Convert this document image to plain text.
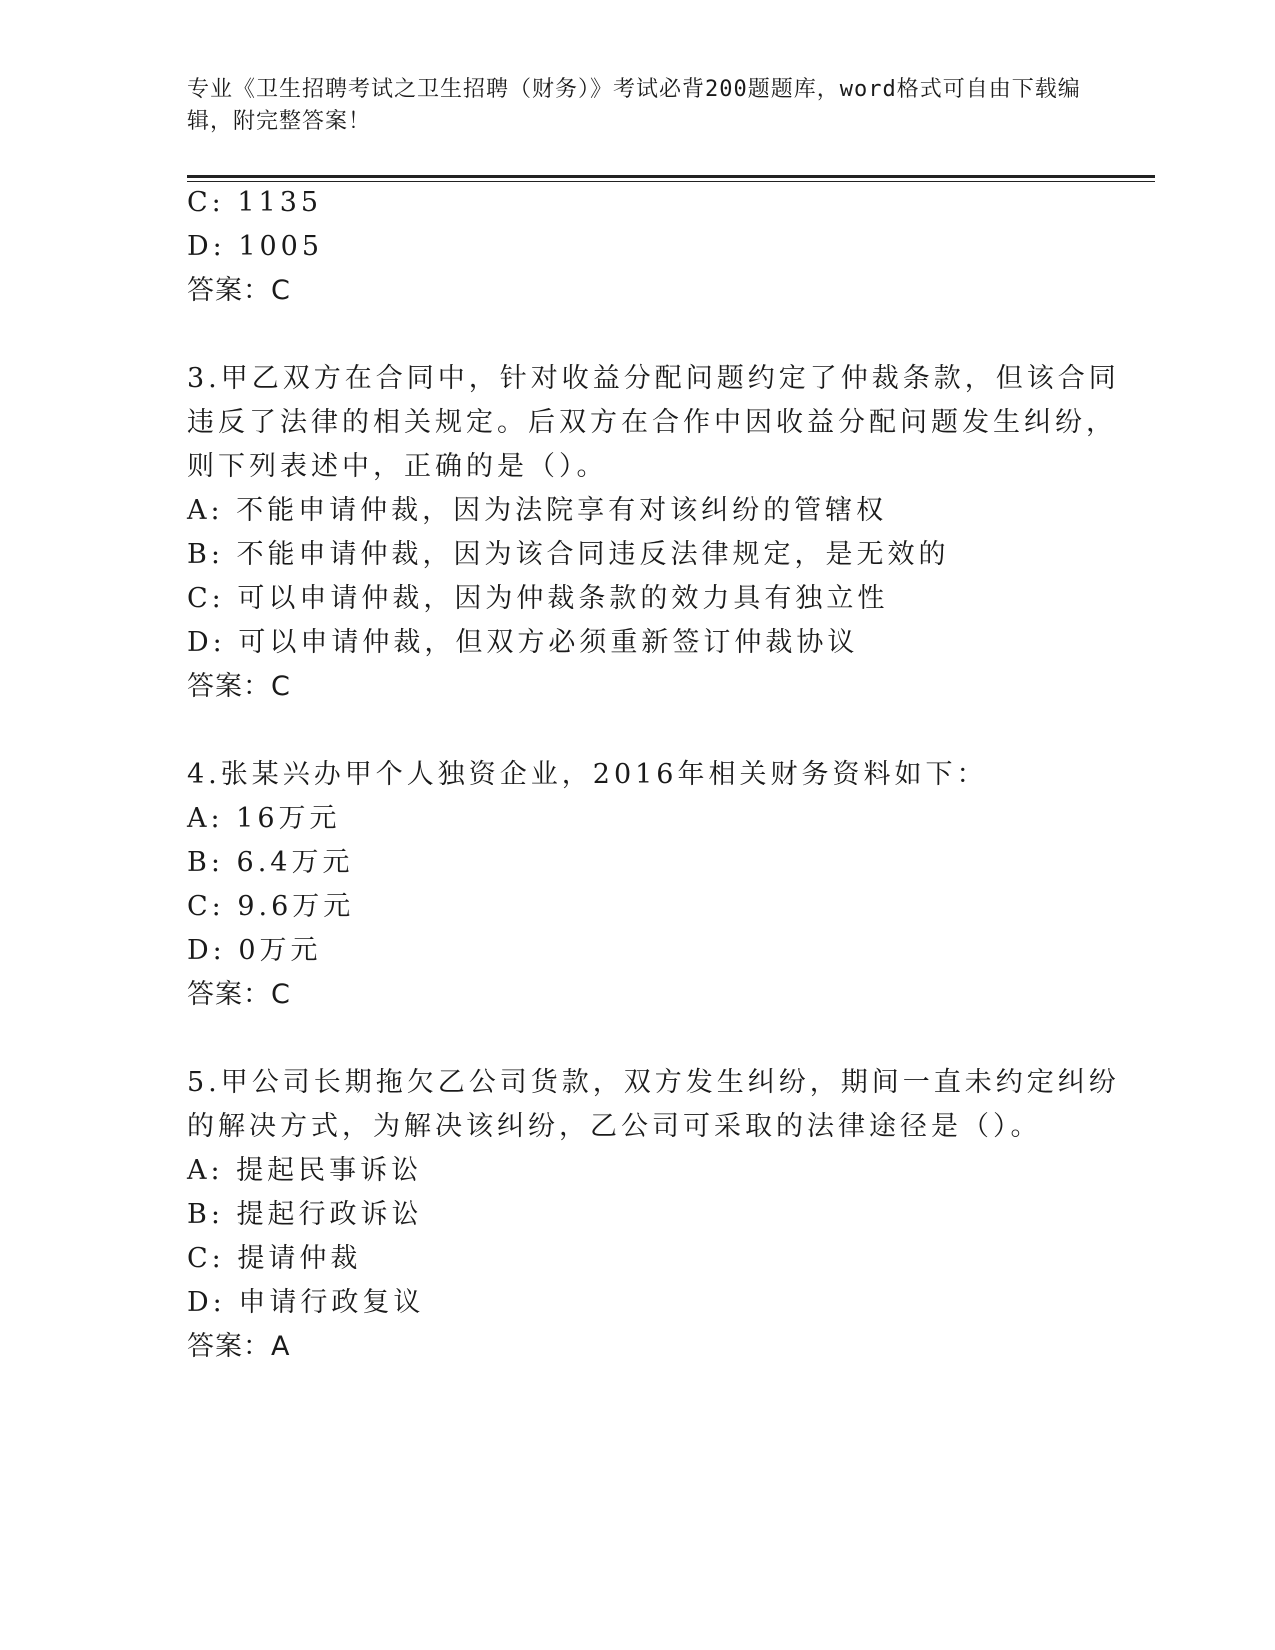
专业《卫生招聘考试之卫生招聘（财务）》考试必背200题题库，word格式可自由下载编辑，附完整答案！
C: 1135
D: 1005
答案：C
3.甲乙双方在合同中，针对收益分配问题约定了仲裁条款，但该合同
违反了法律的相关规定。后双方在合作中因收益分配问题发生纠纷，
则下列表述中，正确的是（）。
A: 不能申请仲裁，因为法院享有对该纠纷的管辖权
B: 不能申请仲裁，因为该合同违反法律规定，是无效的
C: 可以申请仲裁，因为仲裁条款的效力具有独立性
D: 可以申请仲裁，但双方必须重新签订仲裁协议
答案：C
4.张某兴办甲个人独资企业，2016年相关财务资料如下：
A: 16万元
B: 6.4万元
C: 9.6万元
D: 0万元
答案：C
5.甲公司长期拖欠乙公司货款，双方发生纠纷，期间一直未约定纠纷
的解决方式，为解决该纠纷，乙公司可采取的法律途径是（）。
A: 提起民事诉讼
B: 提起行政诉讼
C: 提请仲裁
D: 申请行政复议
答案：A
